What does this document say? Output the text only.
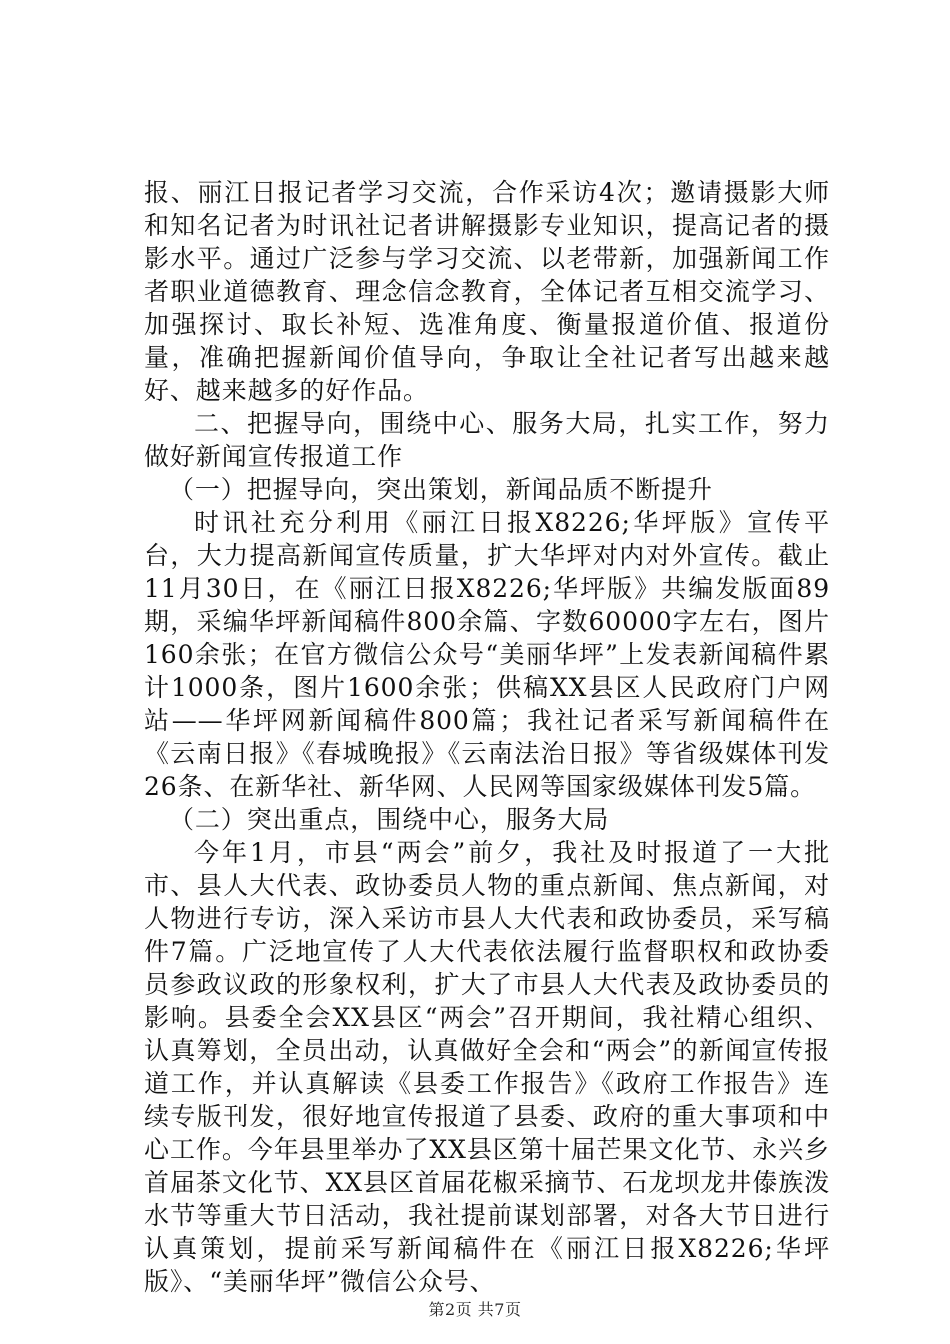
报、丽江日报记者学习交流，合作采访4次；邀请摄影大师和知名记者为时讯社记者讲解摄影专业知识，提高记者的摄影水平。通过广泛参与学习交流、以老带新，加强新闻工作者职业道德教育、理念信念教育，全体记者互相交流学习、加强探讨、取长补短、选准角度、衡量报道价值、报道份量，准确把握新闻价值导向，争取让全社记者写出越来越好、越来越多的好作品。

二、把握导向，围绕中心、服务大局，扎实工作，努力做好新闻宣传报道工作

（一）把握导向，突出策划，新闻品质不断提升

时讯社充分利用《丽江日报X8226;华坪版》宣传平台，大力提高新闻宣传质量，扩大华坪对内对外宣传。截止11月30日，在《丽江日报X8226;华坪版》共编发版面89期，采编华坪新闻稿件800余篇、字数60000字左右，图片160余张；在官方微信公众号“美丽华坪”上发表新闻稿件累计1000条，图片1600余张；供稿XX县区人民政府门户网站——华坪网新闻稿件800篇；我社记者采写新闻稿件在《云南日报》《春城晚报》《云南法治日报》等省级媒体刊发26条、在新华社、新华网、人民网等国家级媒体刊发5篇。

（二）突出重点，围绕中心，服务大局

今年1月，市县“两会”前夕，我社及时报道了一大批市、县人大代表、政协委员人物的重点新闻、焦点新闻，对人物进行专访，深入采访市县人大代表和政协委员，采写稿件7篇。广泛地宣传了人大代表依法履行监督职权和政协委员参政议政的形象权利，扩大了市县人大代表及政协委员的影响。县委全会XX县区“两会”召开期间，我社精心组织、认真筹划，全员出动，认真做好全会和“两会”的新闻宣传报道工作，并认真解读《县委工作报告》《政府工作报告》连续专版刊发，很好地宣传报道了县委、政府的重大事项和中心工作。今年县里举办了XX县区第十届芒果文化节、永兴乡首届茶文化节、XX县区首届花椒采摘节、石龙坝龙井傣族泼水节等重大节日活动，我社提前谋划部署，对各大节日进行认真策划，提前采写新闻稿件在《丽江日报X8226;华坪版》、“美丽华坪”微信公众号、

第2页 共7页
